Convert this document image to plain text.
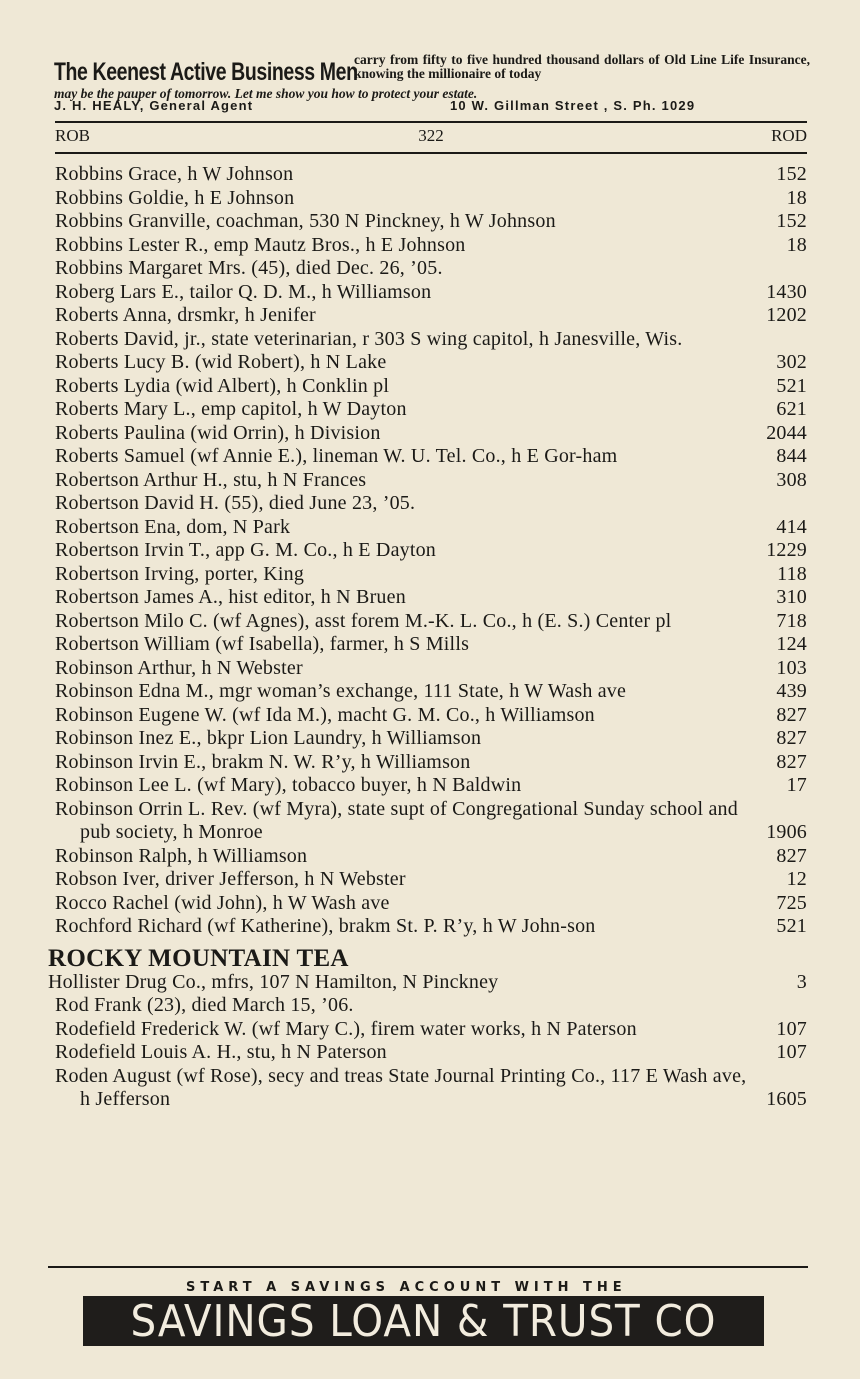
The Keenest Active Business Men
carry from fifty to five hundred thousand dollars of Old Line Life Insurance, knowing the millionaire of today
may be the pauper of tomorrow. Let me show you how to protect your estate.
J. H. HEALY, General Agent	10 W. Gillman Street , S. Ph. 1029
ROB	322	ROD
Robbins Grace, h W Johnson	152
Robbins Goldie, h E Johnson	18
Robbins Granville, coachman, 530 N Pinckney, h W Johnson	152
Robbins Lester R., emp Mautz Bros., h E Johnson	18
Robbins Margaret Mrs. (45), died Dec. 26, ’05.
Roberg Lars E., tailor Q. D. M., h Williamson	1430
Roberts Anna, drsmkr, h Jenifer	1202
Roberts David, jr., state veterinarian, r 303 S wing capitol, h Janesville, Wis.
Roberts Lucy B. (wid Robert), h N Lake	302
Roberts Lydia (wid Albert), h Conklin pl	521
Roberts Mary L., emp capitol, h W Dayton	621
Roberts Paulina (wid Orrin), h Division	2044
Roberts Samuel (wf Annie E.), lineman W. U. Tel. Co., h E Gor-ham	844
Robertson Arthur H., stu, h N Frances	308
Robertson David H. (55), died June 23, ’05.
Robertson Ena, dom, N Park	414
Robertson Irvin T., app G. M. Co., h E Dayton	1229
Robertson Irving, porter, King	118
Robertson James A., hist editor, h N Bruen	310
Robertson Milo C. (wf Agnes), asst forem M.-K. L. Co., h (E. S.) Center pl	718
Robertson William (wf Isabella), farmer, h S Mills	124
Robinson Arthur, h N Webster	103
Robinson Edna M., mgr woman’s exchange, 111 State, h W Wash ave	439
Robinson Eugene W. (wf Ida M.), macht G. M. Co., h Williamson	827
Robinson Inez E., bkpr Lion Laundry, h Williamson	827
Robinson Irvin E., brakm N. W. R’y, h Williamson	827
Robinson Lee L. (wf Mary), tobacco buyer, h N Baldwin	17
Robinson Orrin L. Rev. (wf Myra), state supt of Congregational Sunday school and pub society, h Monroe	1906
Robinson Ralph, h Williamson	827
Robson Iver, driver Jefferson, h N Webster	12
Rocco Rachel (wid John), h W Wash ave	725
Rochford Richard (wf Katherine), brakm St. P. R’y, h W John-son	521
ROCKY MOUNTAIN TEA
Hollister Drug Co., mfrs, 107 N Hamilton, N Pinckney	3
Rod Frank (23), died March 15, ’06.
Rodefield Frederick W. (wf Mary C.), firem water works, h N Paterson	107
Rodefield Louis A. H., stu, h N Paterson	107
Roden August (wf Rose), secy and treas State Journal Printing Co., 117 E Wash ave, h Jefferson	1605
START A SAVINGS ACCOUNT WITH THE
SAVINGS LOAN & TRUST CO
